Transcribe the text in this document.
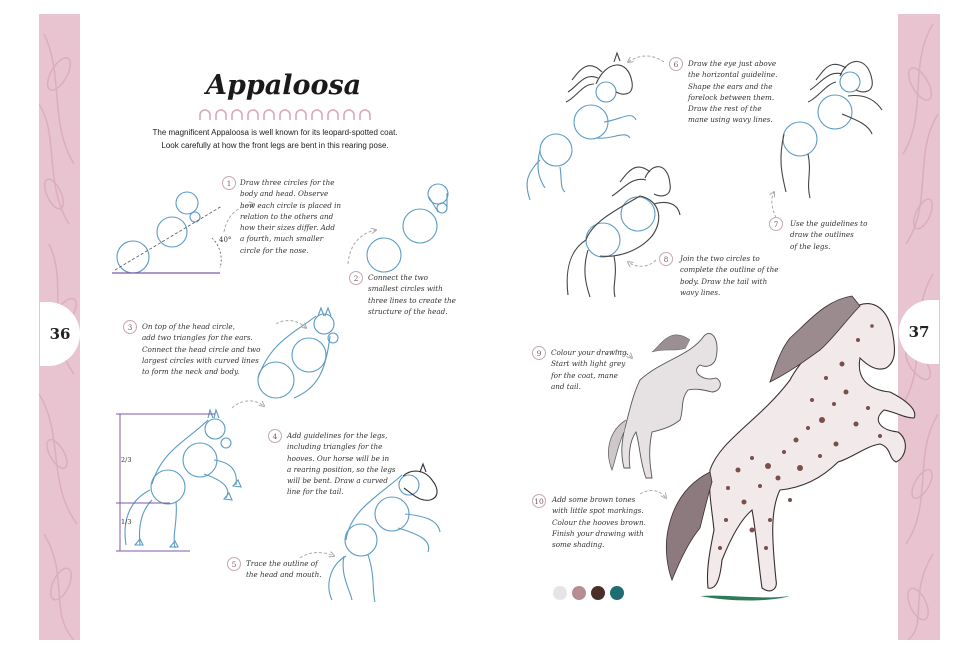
36	37
Appaloosa
The magnificent Appaloosa is well known for its leopard-spotted coat.
Look carefully at how the front legs are bent in this rearing pose.
40°
2/3
1/3
1	Draw three circles for the
body and head. Observe
how each circle is placed in
relation to the others and
how their sizes differ. Add
a fourth, much smaller
circle for the nose.
2	Connect the two
smallest circles with
three lines to create the
structure of the head.
3	On top of the head circle,
add two triangles for the ears.
Connect the head circle and two
largest circles with curved lines
to form the neck and body.
4	Add guidelines for the legs,
including triangles for the
hooves. Our horse will be in
a rearing position, so the legs
will be bent. Draw a curved
line for the tail.
5	Trace the outline of
the head and mouth.
6	Draw the eye just above
the horizontal guideline.
Shape the ears and the
forelock between them.
Draw the rest of the
mane using wavy lines.
7	Use the guidelines to
draw the outlines
of the legs.
8	Join the two circles to
complete the outline of the
body. Draw the tail with
wavy lines.
9	Colour your drawing.
Start with light grey
for the coat, mane
and tail.
10	Add some brown tones
with little spot markings.
Colour the hooves brown.
Finish your drawing with
some shading.
